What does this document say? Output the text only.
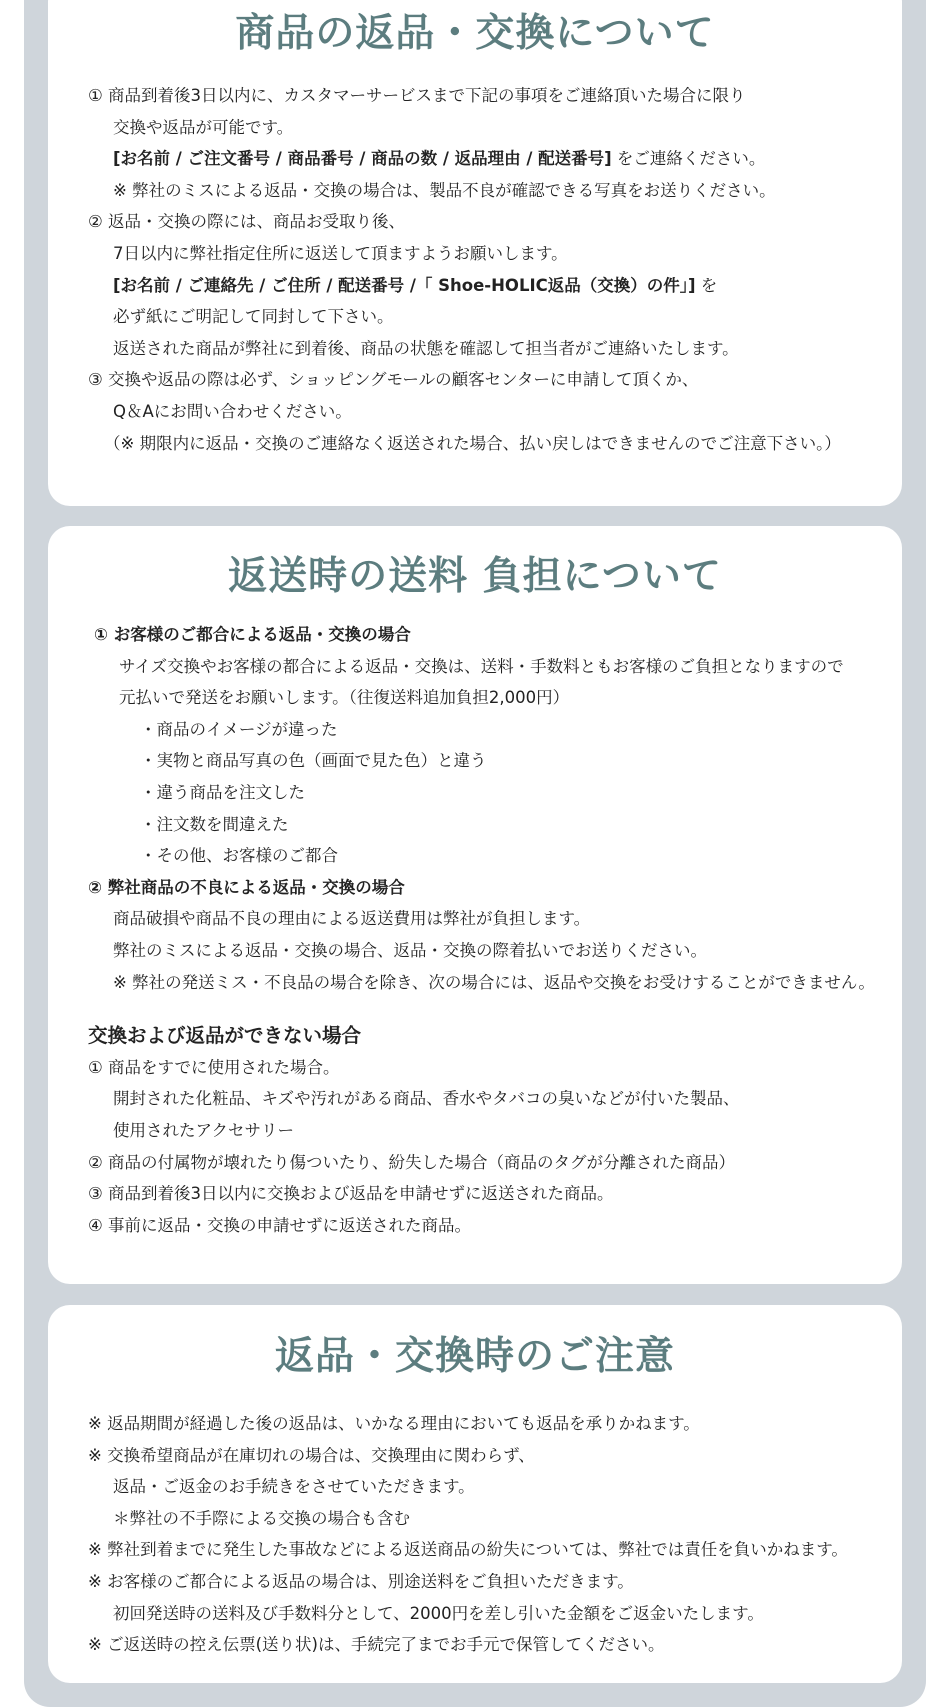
商品の返品・交換について
① 商品到着後3日以内に、カスタマーサービスまで下記の事項をご連絡頂いた場合に限り
交換や返品が可能です。
[お名前 / ご注文番号 / 商品番号 / 商品の数 / 返品理由 / 配送番号] をご連絡ください。
※ 弊社のミスによる返品・交換の場合は、製品不良が確認できる写真をお送りください。
② 返品・交換の際には、商品お受取り後、
7日以内に弊社指定住所に返送して頂ますようお願いします。
[お名前 / ご連絡先 / ご住所 / 配送番号 /「 Shoe-HOLIC返品（交換）の件」] を
必ず紙にご明記して同封して下さい。
返送された商品が弊社に到着後、商品の状態を確認して担当者がご連絡いたします。
③ 交換や返品の際は必ず、ショッピングモールの顧客センターに申請して頂くか、
Q＆Aにお問い合わせください。
（※ 期限内に返品・交換のご連絡なく返送された場合、払い戻しはできませんのでご注意下さい。）
返送時の送料 負担について
① お客様のご都合による返品・交換の場合
サイズ交換やお客様の都合による返品・交換は、送料・手数料ともお客様のご負担となりますので
元払いで発送をお願いします。（往復送料追加負担2,000円）
・商品のイメージが違った
・実物と商品写真の色（画面で見た色）と違う
・違う商品を注文した
・注文数を間違えた
・その他、お客様のご都合
② 弊社商品の不良による返品・交換の場合
商品破損や商品不良の理由による返送費用は弊社が負担します。
弊社のミスによる返品・交換の場合、返品・交換の際着払いでお送りください。
※ 弊社の発送ミス・不良品の場合を除き、次の場合には、返品や交換をお受けすることができません。
交換および返品ができない場合
① 商品をすでに使用された場合。
開封された化粧品、キズや汚れがある商品、香水やタバコの臭いなどが付いた製品、
使用されたアクセサリー
② 商品の付属物が壊れたり傷ついたり、紛失した場合（商品のタグが分離された商品）
③ 商品到着後3日以内に交換および返品を申請せずに返送された商品。
④ 事前に返品・交換の申請せずに返送された商品。
返品・交換時のご注意
※ 返品期間が経過した後の返品は、いかなる理由においても返品を承りかねます。
※ 交換希望商品が在庫切れの場合は、交換理由に関わらず、
返品・ご返金のお手続きをさせていただきます。
＊弊社の不手際による交換の場合も含む
※ 弊社到着までに発生した事故などによる返送商品の紛失については、弊社では責任を負いかねます。
※ お客様のご都合による返品の場合は、別途送料をご負担いただきます。
初回発送時の送料及び手数料分として、2000円を差し引いた金額をご返金いたします。
※ ご返送時の控え伝票(送り状)は、手続完了までお手元で保管してください。
